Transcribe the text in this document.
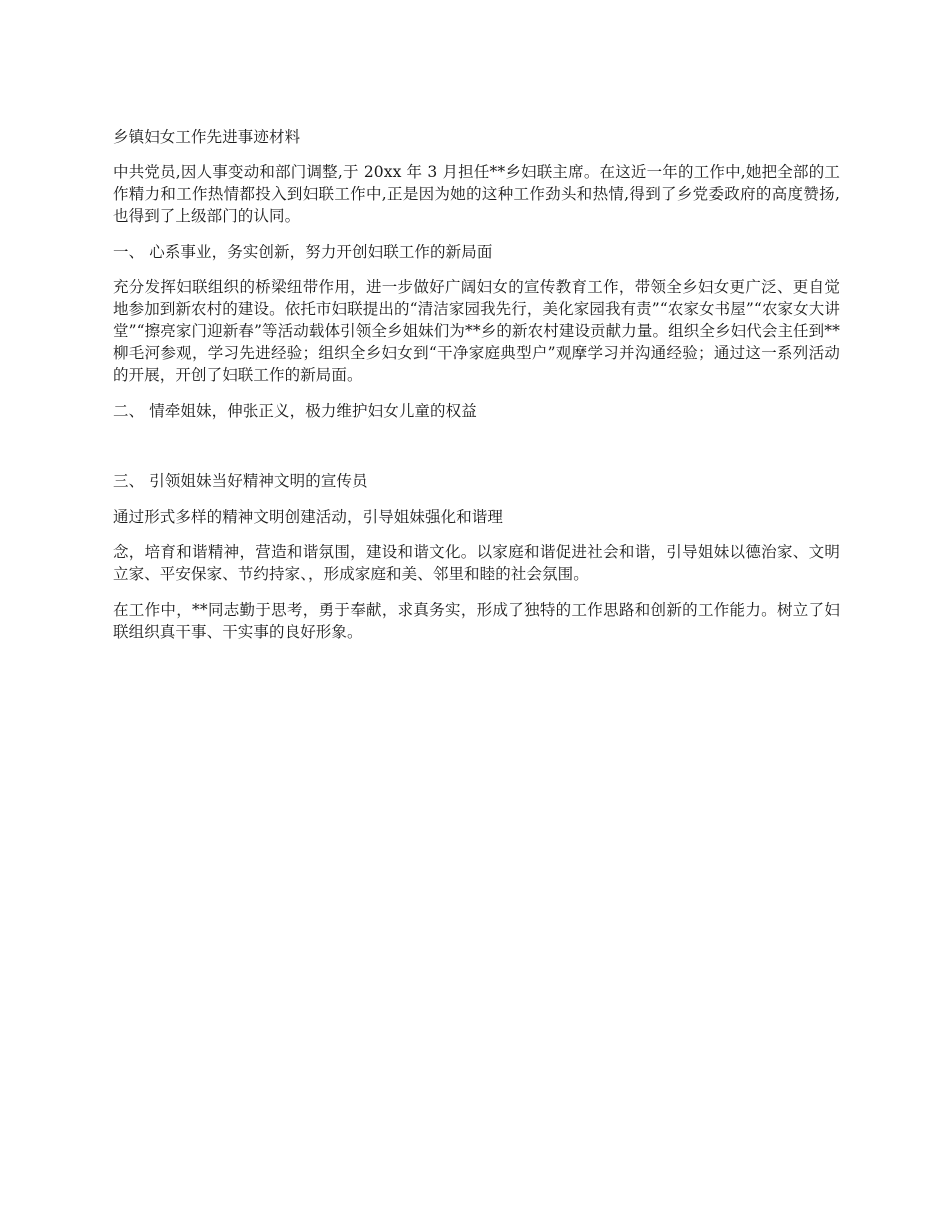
乡镇妇女工作先进事迹材料

中共党员,因人事变动和部门调整,于 20xx 年 3 月担任**乡妇联主席。在这近一年的工作中,她把全部的工作精力和工作热情都投入到妇联工作中,正是因为她的这种工作劲头和热情,得到了乡党委政府的高度赞扬,也得到了上级部门的认同。

一、 心系事业，务实创新，努力开创妇联工作的新局面

充分发挥妇联组织的桥梁纽带作用，进一步做好广阔妇女的宣传教育工作，带领全乡妇女更广泛、更自觉地参加到新农村的建设。依托市妇联提出的“清洁家园我先行，美化家园我有责”“农家女书屋”“农家女大讲堂”“擦亮家门迎新春”等活动载体引领全乡姐妹们为**乡的新农村建设贡献力量。组织全乡妇代会主任到**柳毛河参观，学习先进经验；组织全乡妇女到“干净家庭典型户”观摩学习并沟通经验；通过这一系列活动的开展，开创了妇联工作的新局面。

二、 情牵姐妹，伸张正义，极力维护妇女儿童的权益

三、 引领姐妹当好精神文明的宣传员

通过形式多样的精神文明创建活动，引导姐妹强化和谐理

念，培育和谐精神，营造和谐氛围，建设和谐文化。以家庭和谐促进社会和谐，引导姐妹以德治家、文明立家、平安保家、节约持家、，形成家庭和美、邻里和睦的社会氛围。

在工作中，**同志勤于思考，勇于奉献，求真务实，形成了独特的工作思路和创新的工作能力。树立了妇联组织真干事、干实事的良好形象。
